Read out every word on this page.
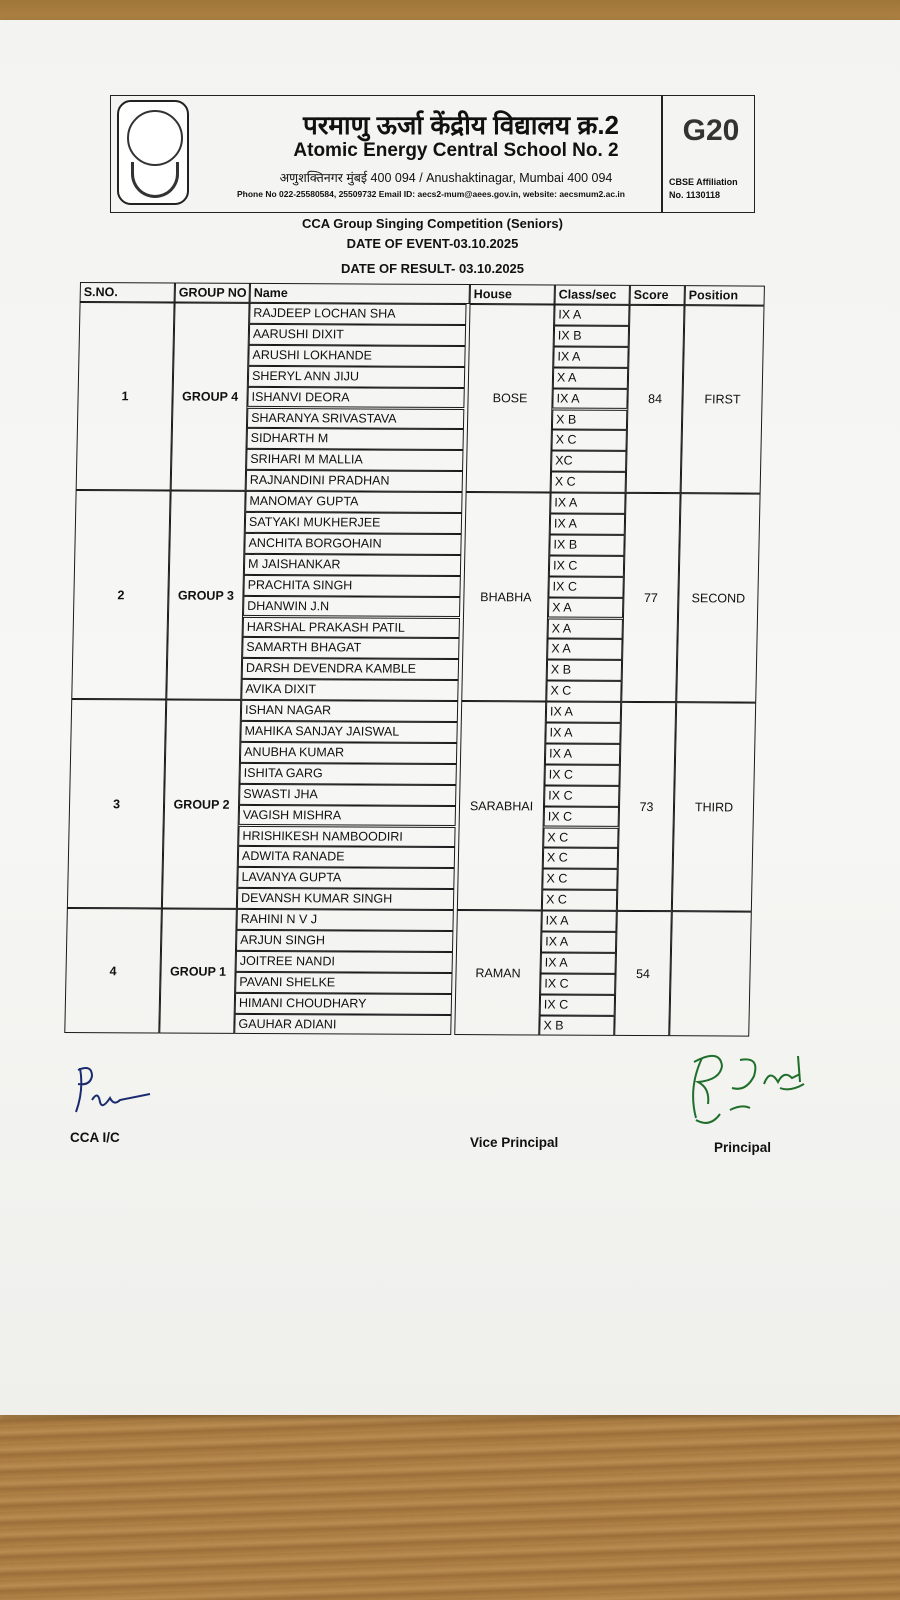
परमाणु ऊर्जा केंद्रीय विद्यालय क्र.2
Atomic Energy Central School No. 2
अणुशक्तिनगर मुंबई 400 094 / Anushaktinagar, Mumbai 400 094
Phone No 022-25580584, 25509732 Email ID: aecs2-mum@aees.gov.in, website: aecsmum2.ac.in
G20
CBSE Affiliation
No. 1130118
CCA Group Singing Competition (Seniors)
DATE OF EVENT-03.10.2025
DATE OF RESULT- 03.10.2025
S.NO.	GROUP NO Name	House	Class/sec	Score	Position
1	GROUP 4	BOSE	84	FIRST
RAJDEEP LOCHAN SHA	IX A
AARUSHI DIXIT	IX B
ARUSHI LOKHANDE	IX A
SHERYL ANN JIJU	X A
ISHANVI DEORA	IX A
SHARANYA SRIVASTAVA	X B
SIDHARTH M	X C
SRIHARI M MALLIA	XC
RAJNANDINI PRADHAN	X C
2	GROUP 3	BHABHA	77	SECOND
MANOMAY GUPTA	IX A
SATYAKI MUKHERJEE	IX A
ANCHITA BORGOHAIN	IX B
M JAISHANKAR	IX C
PRACHITA SINGH	IX C
DHANWIN J.N	X A
HARSHAL PRAKASH PATIL	X A
SAMARTH BHAGAT	X A
DARSH DEVENDRA KAMBLE	X B
AVIKA DIXIT	X C
3	GROUP 2	SARABHAI	73	THIRD
ISHAN NAGAR	IX A
MAHIKA SANJAY JAISWAL	IX A
ANUBHA KUMAR	IX A
ISHITA GARG	IX C
SWASTI JHA	IX C
VAGISH MISHRA	IX C
HRISHIKESH NAMBOODIRI	X C
ADWITA RANADE	X C
LAVANYA GUPTA	X C
DEVANSH KUMAR SINGH	X C
4	GROUP 1	RAMAN	54
RAHINI N V J	IX A
ARJUN SINGH	IX A
JOITREE NANDI	IX A
PAVANI SHELKE	IX C
HIMANI CHOUDHARY	IX C
GAUHAR ADIANI	X B
CCA I/C	Vice Principal	Principal
